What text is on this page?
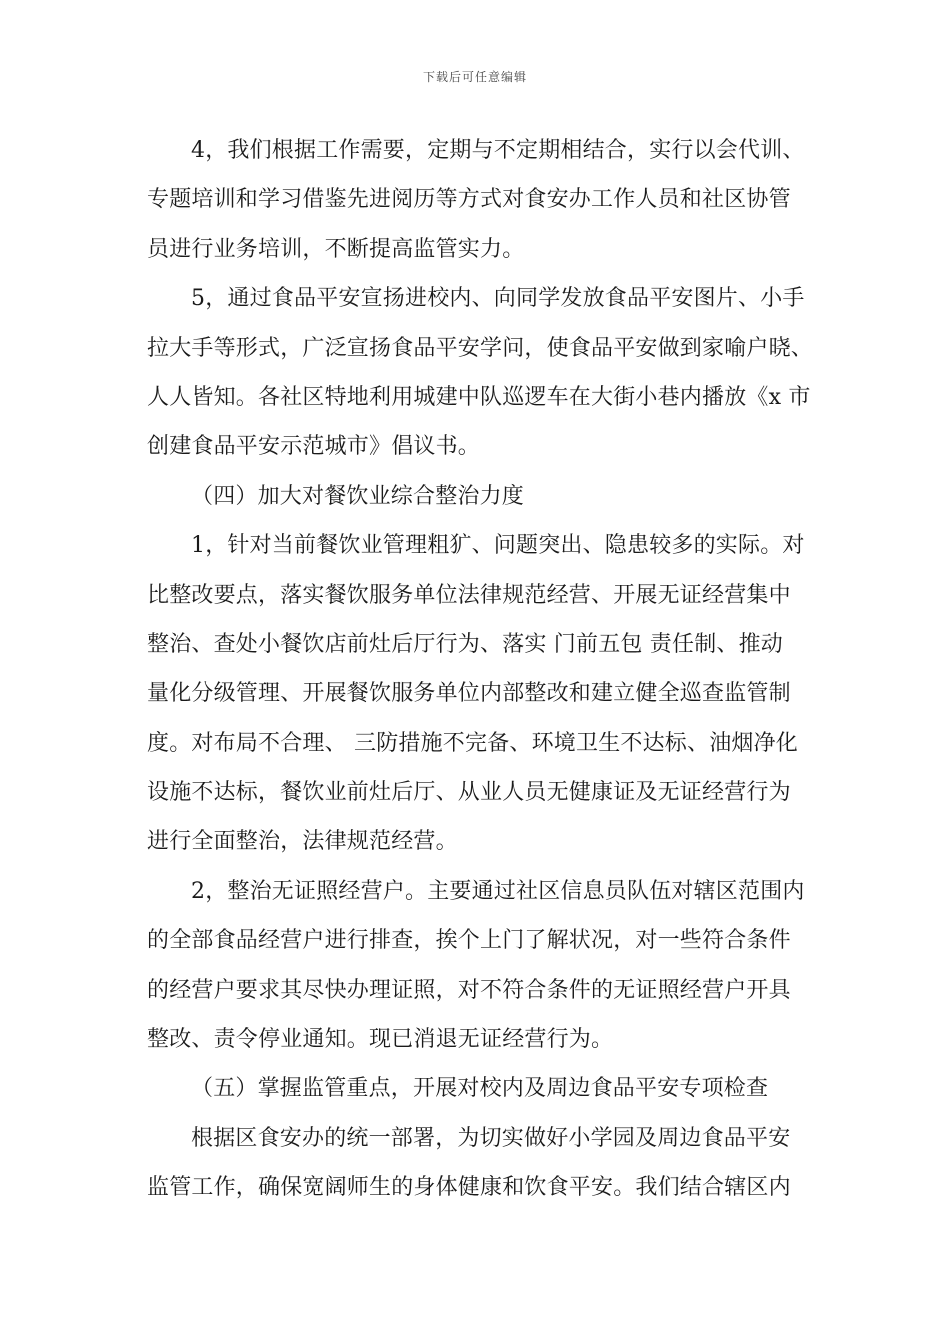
下载后可任意编辑
4，我们根据工作需要，定期与不定期相结合，实行以会代训、
专题培训和学习借鉴先进阅历等方式对食安办工作人员和社区协管
员进行业务培训，不断提高监管实力。
5，通过食品平安宣扬进校内、向同学发放食品平安图片、小手
拉大手等形式，广泛宣扬食品平安学问，使食品平安做到家喻户晓、
人人皆知。各社区特地利用城建中队巡逻车在大街小巷内播放《x 市
创建食品平安示范城市》倡议书。
（四）加大对餐饮业综合整治力度
1，针对当前餐饮业管理粗犷、问题突出、隐患较多的实际。对
比整改要点，落实餐饮服务单位法律规范经营、开展无证经营集中
整治、查处小餐饮店前灶后厅行为、落实 门前五包 责任制、推动
量化分级管理、开展餐饮服务单位内部整改和建立健全巡查监管制
度。对布局不合理、 三防措施不完备、环境卫生不达标、油烟净化
设施不达标，餐饮业前灶后厅、从业人员无健康证及无证经营行为
进行全面整治，法律规范经营。
2，整治无证照经营户。主要通过社区信息员队伍对辖区范围内
的全部食品经营户进行排查，挨个上门了解状况，对一些符合条件
的经营户要求其尽快办理证照，对不符合条件的无证照经营户开具
整改、责令停业通知。现已消退无证经营行为。
（五）掌握监管重点，开展对校内及周边食品平安专项检查
根据区食安办的统一部署，为切实做好小学园及周边食品平安
监管工作，确保宽阔师生的身体健康和饮食平安。我们结合辖区内
